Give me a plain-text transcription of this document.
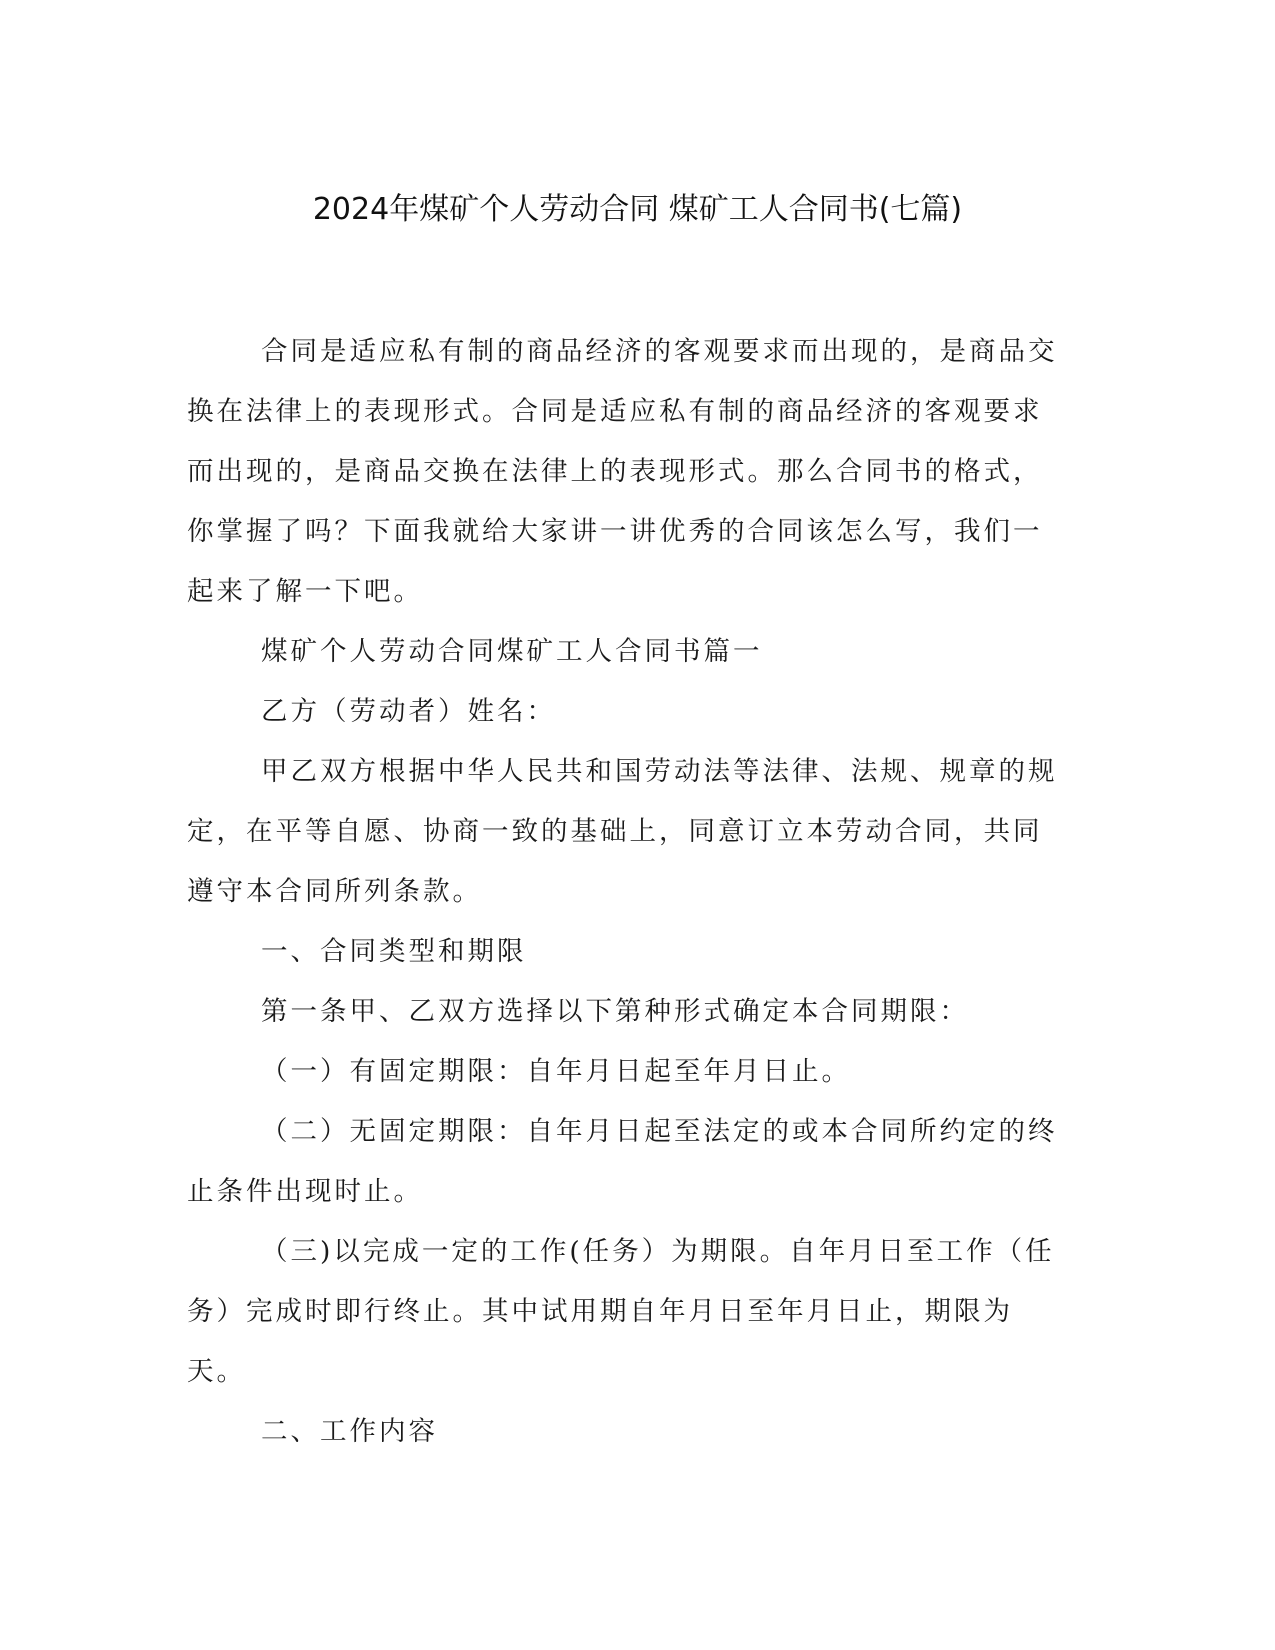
2024年煤矿个人劳动合同 煤矿工人合同书(七篇)

合同是适应私有制的商品经济的客观要求而出现的，是商品交换在法律上的表现形式。合同是适应私有制的商品经济的客观要求而出现的，是商品交换在法律上的表现形式。那么合同书的格式，你掌握了吗？下面我就给大家讲一讲优秀的合同该怎么写，我们一起来了解一下吧。

煤矿个人劳动合同煤矿工人合同书篇一

乙方（劳动者）姓名：

甲乙双方根据中华人民共和国劳动法等法律、法规、规章的规定，在平等自愿、协商一致的基础上，同意订立本劳动合同，共同遵守本合同所列条款。

一、合同类型和期限

第一条甲、乙双方选择以下第种形式确定本合同期限：

（一）有固定期限：自年月日起至年月日止。

（二）无固定期限：自年月日起至法定的或本合同所约定的终止条件出现时止。

（三)以完成一定的工作(任务）为期限。自年月日至工作（任务）完成时即行终止。其中试用期自年月日至年月日止，期限为天。

二、工作内容
